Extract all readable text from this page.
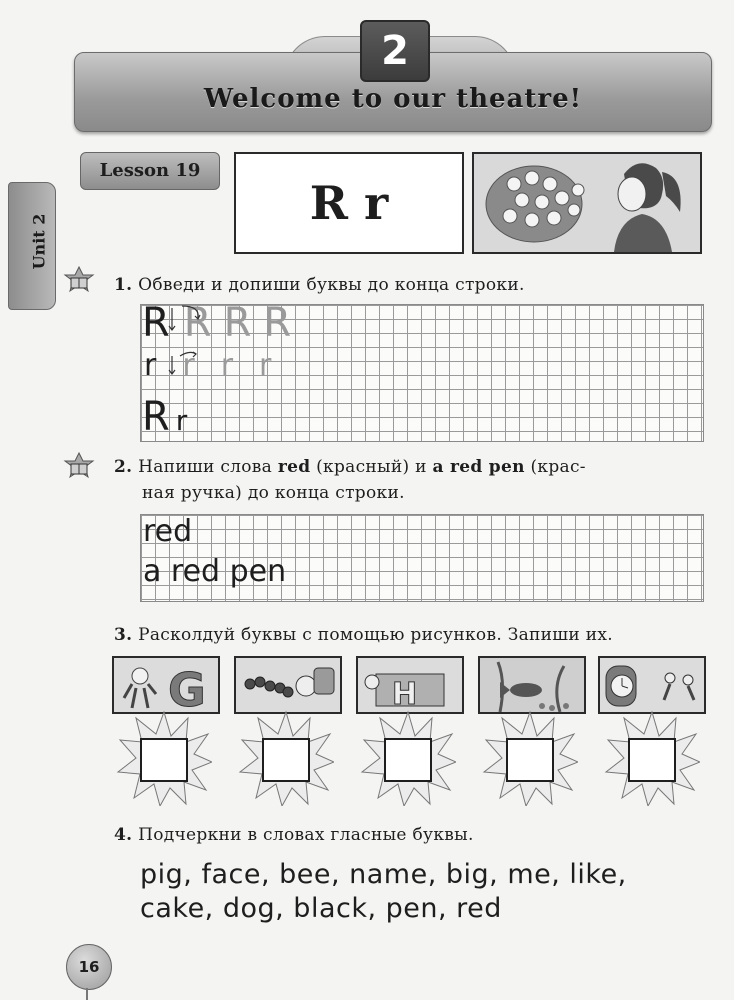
2
Welcome to our theatre!
Unit 2
Lesson 19
R r
1. Обведи и допиши буквы до конца строки.
R R R R
r r r r
R r
2. Напиши слова red (красный) и a red pen (крас-
ная ручка) до конца строки.
red
a red pen
3. Расколдуй буквы с помощью рисунков. Запиши их.
G	H
4. Подчеркни в словах гласные буквы.
pig, face, bee, name, big, me, like,
cake, dog, black, pen, red
16
